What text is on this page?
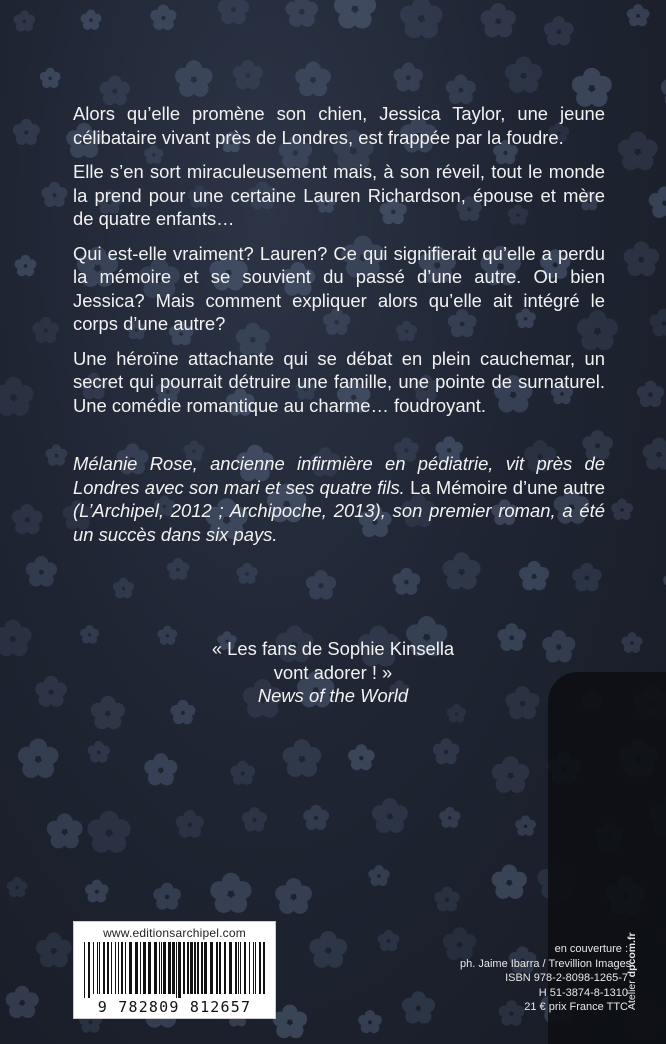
Alors qu’elle promène son chien, Jessica Taylor, une jeune célibataire vivant près de Londres, est frappée par la foudre.

Elle s’en sort miraculeusement mais, à son réveil, tout le monde la prend pour une certaine Lauren Richardson, épouse et mère de quatre enfants…

Qui est-elle vraiment? Lauren? Ce qui signifierait qu’elle a perdu la mémoire et se souvient du passé d’une autre. Ou bien Jessica? Mais comment expliquer alors qu’elle ait intégré le corps d’une autre?

Une héroïne attachante qui se débat en plein cauchemar, un secret qui pourrait détruire une famille, une pointe de surnaturel. Une comédie romantique au charme… foudroyant.

Mélanie Rose, ancienne infirmière en pédiatrie, vit près de Londres avec son mari et ses quatre fils. La Mémoire d’une autre (L’Archipel, 2012 ; Archipoche, 2013), son premier roman, a été un succès dans six pays.

« Les fans de Sophie Kinsella
vont adorer ! »
News of the World
www.editionsarchipel.com
9 782809 812657
en couverture :
ph. Jaime Ibarra / Trevillion Images
ISBN 978-2-8098-1265-7
H 51-3874-8-1310
21 € prix France TTC
Atelier dpcom.fr
